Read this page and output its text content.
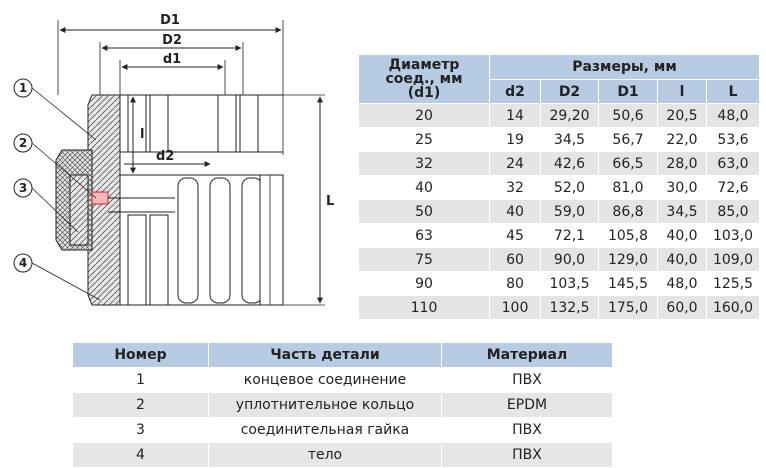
D1
D2
d1
l
d2
L
1
2
3
4
Диаметр
соед., мм
(d1)	Размеры, мм				
	d2	D2	D1	l	L
20	14	29,20	50,6	20,5	48,0
25	19	34,5	56,7	22,0	53,6
32	24	42,6	66,5	28,0	63,0
40	32	52,0	81,0	30,0	72,6
50	40	59,0	86,8	34,5	85,0
63	45	72,1	105,8	40,0	103,0
75	60	90,0	129,0	40,0	109,0
90	80	103,5	145,5	48,0	125,5
110	100	132,5	175,0	60,0	160,0
Номер	Часть детали	Материал
1	концевое соединение	ПВХ
2	уплотнительное кольцо	EPDM
3	соединительная гайка	ПВХ
4	тело	ПВХ
